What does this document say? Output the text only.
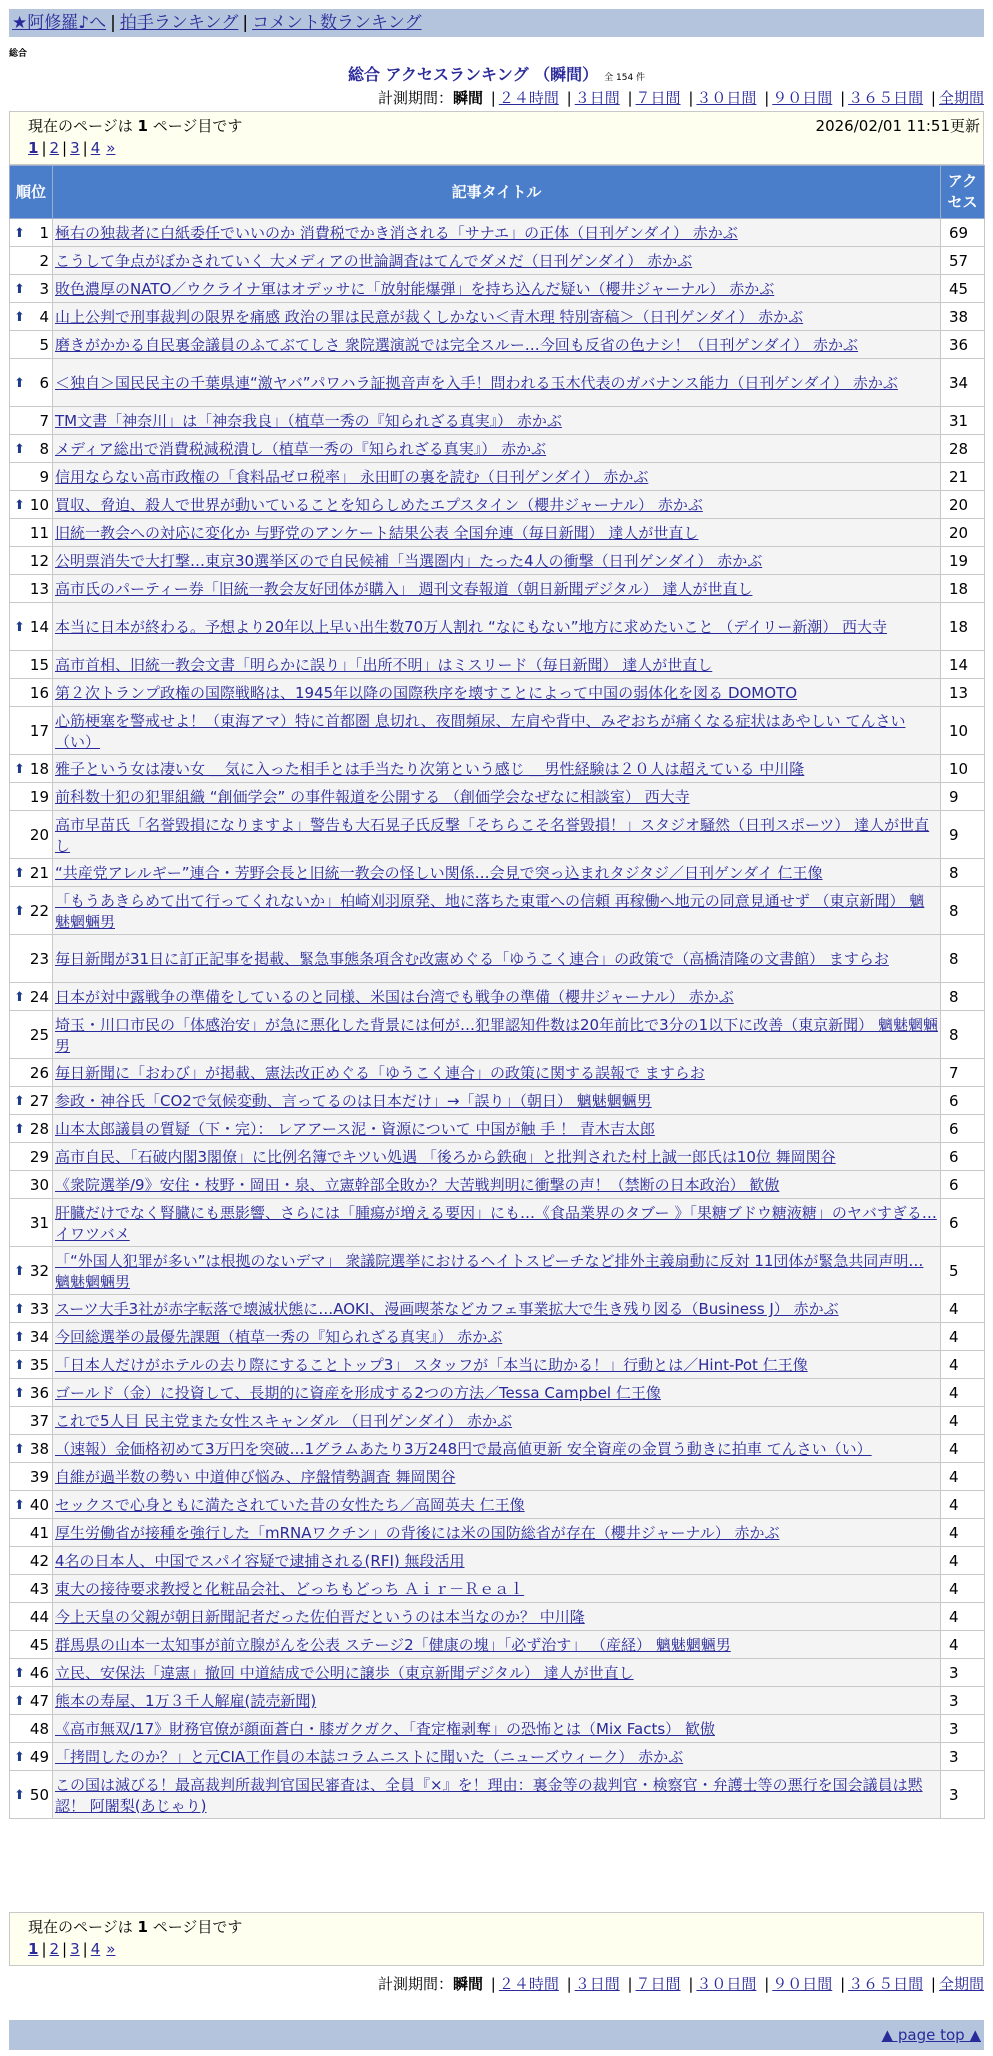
★阿修羅♪へ | 拍手ランキング | コメント数ランキング
総合
総合 アクセスランキング （瞬間） 全 154 件
計測期間：瞬間 | ２４時間 | ３日間 | ７日間 | ３０日間 | ９０日間 | ３６５日間 | 全期間
現在のページは 1 ページ目です	2026/02/01 11:51更新
1 | 2 | 3 | 4 »
順位	記事タイトル	アクセス

⬆ 1	極右の独裁者に白紙委任でいいのか 消費税でかき消される「サナエ」の正体（日刊ゲンダイ） 赤かぶ	69
2	こうして争点がぼかされていく 大メディアの世論調査はてんでダメだ（日刊ゲンダイ） 赤かぶ	57

⬆ 3	敗色濃厚のNATO／ウクライナ軍はオデッサに「放射能爆弾」を持ち込んだ疑い（櫻井ジャーナル） 赤かぶ	45

⬆ 4	山上公判で刑事裁判の限界を痛感 政治の罪は民意が裁くしかない＜青木理 特別寄稿＞（日刊ゲンダイ） 赤かぶ	38
5	磨きがかかる自民裏金議員のふてぶてしさ 衆院選演説では完全スルー…今回も反省の色ナシ！（日刊ゲンダイ） 赤かぶ	36

⬆ 6	＜独自＞国民民主の千葉県連“激ヤバ”パワハラ証拠音声を入手！問われる玉木代表のガバナンス能力（日刊ゲンダイ） 赤かぶ	34
7	TM文書「神奈川」は「神奈我良」（植草一秀の『知られざる真実』） 赤かぶ	31

⬆ 8	メディア総出で消費税減税潰し（植草一秀の『知られざる真実』） 赤かぶ	28
9	信用ならない高市政権の「食料品ゼロ税率」 永田町の裏を読む（日刊ゲンダイ） 赤かぶ	21

⬆ 10	買収、脅迫、殺人で世界が動いていることを知らしめたエプスタイン（櫻井ジャーナル） 赤かぶ	20
11	旧統一教会への対応に変化か 与野党のアンケート結果公表 全国弁連（毎日新聞） 達人が世直し	20
12	公明票消失で大打撃…東京30選挙区ので自民候補「当選圏内」たった4人の衝撃（日刊ゲンダイ） 赤かぶ	19
13	高市氏のパーティー券「旧統一教会友好団体が購入」 週刊文春報道（朝日新聞デジタル） 達人が世直し	18

⬆ 14	本当に日本が終わる。予想より20年以上早い出生数70万人割れ “なにもない”地方に求めたいこと （デイリー新潮） 西大寺	18
15	高市首相、旧統一教会文書「明らかに誤り」「出所不明」はミスリード（毎日新聞） 達人が世直し	14
16	第２次トランプ政権の国際戦略は、1945年以降の国際秩序を壊すことによって中国の弱体化を図る DOMOTO	13
17	心筋梗塞を警戒せよ！（東海アマ）特に首都圏 息切れ、夜間頻尿、左肩や背中、みぞおちが痛くなる症状はあやしい てんさい（い）	10

⬆ 18	雅子という女は凄い女 ＿気に入った相手とは手当たり次第という感じ ＿男性経験は２０人は超えている 中川隆	10
19	前科数十犯の犯罪組織 “創価学会” の事件報道を公開する （創価学会なぜなに相談室） 西大寺	9
20	高市早苗氏「名誉毀損になりますよ」警告も大石晃子氏反撃「そちらこそ名誉毀損！」スタジオ騒然（日刊スポーツ） 達人が世直し	9

⬆ 21	“共産党アレルギー”連合・芳野会長と旧統一教会の怪しい関係…会見で突っ込まれタジタジ／日刊ゲンダイ 仁王像	8

⬆ 22	「もうあきらめて出て行ってくれないか」柏崎刈羽原発、地に落ちた東電への信頼 再稼働へ地元の同意見通せず （東京新聞） 魑魅魍魎男	8
23	毎日新聞が31日に訂正記事を掲載、緊急事態条項含む改憲めぐる「ゆうこく連合」の政策で（高橋清隆の文書館） ますらお	8

⬆ 24	日本が対中露戦争の準備をしているのと同様、米国は台湾でも戦争の準備（櫻井ジャーナル） 赤かぶ	8
25	埼玉・川口市民の「体感治安」が急に悪化した背景には何が…犯罪認知件数は20年前比で3分の1以下に改善（東京新聞） 魑魅魍魎男	8
26	毎日新聞に「おわび」が掲載、憲法改正めぐる「ゆうこく連合」の政策に関する誤報で ますらお	7

⬆ 27	参政・神谷氏「CO2で気候変動、言ってるのは日本だけ」→「誤り」（朝日） 魑魅魍魎男	6

⬆ 28	山本太郎議員の質疑（下・完）： レアアース泥・資源について 中国が触 手 ！ 青木吉太郎	6
29	高市自民、「石破内閣3閣僚」に比例名簿でキツい処遇 「後ろから鉄砲」と批判された村上誠一郎氏は10位 舞岡関谷	6
30	《衆院選挙/9》安住・枝野・岡田・泉、立憲幹部全敗か？大苦戦判明に衝撃の声！（禁断の日本政治） 歓傲	6
31	肝臓だけでなく腎臓にも悪影響、さらには「腫瘍が増える要因」にも…《食品業界のタブー 》「果糖ブドウ糖液糖」のヤバすぎる… イワツバメ	6

⬆ 32	「“外国人犯罪が多い”は根拠のないデマ」 衆議院選挙におけるヘイトスピーチなど排外主義扇動に反対 11団体が緊急共同声明… 魑魅魍魎男	5

⬆ 33	スーツ大手3社が赤字転落で壊滅状態に…AOKI、漫画喫茶などカフェ事業拡大で生き残り図る（Business J） 赤かぶ	4

⬆ 34	今回総選挙の最優先課題（植草一秀の『知られざる真実』） 赤かぶ	4

⬆ 35	「日本人だけがホテルの去り際にすることトップ3」 スタッフが「本当に助かる！」行動とは／Hint-Pot 仁王像	4

⬆ 36	ゴールド（金）に投資して、長期的に資産を形成する2つの方法／Tessa Campbel 仁王像	4
37	これで5人目 民主党また女性スキャンダル （日刊ゲンダイ） 赤かぶ	4

⬆ 38	（速報）金価格初めて3万円を突破…1グラムあたり3万248円で最高値更新 安全資産の金買う動きに拍車 てんさい（い）	4
39	自維が過半数の勢い 中道伸び悩み、序盤情勢調査 舞岡関谷	4

⬆ 40	セックスで心身ともに満たされていた昔の女性たち／高岡英夫 仁王像	4
41	厚生労働省が接種を強行した「mRNAワクチン」の背後には米の国防総省が存在（櫻井ジャーナル） 赤かぶ	4
42	4名の日本人、中国でスパイ容疑で逮捕される(RFI) 無段活用	4
43	東大の接待要求教授と化粧品会社、どっちもどっち Ａｉｒ－Ｒｅａｌ	4
44	今上天皇の父親が朝日新聞記者だった佐伯晋だというのは本当なのか？ 中川隆	4
45	群馬県の山本一太知事が前立腺がんを公表 ステージ2「健康の塊」「必ず治す」 （産経） 魑魅魍魎男	4

⬆ 46	立民、安保法「違憲」撤回 中道結成で公明に譲歩（東京新聞デジタル） 達人が世直し	3

⬆ 47	熊本の寿屋、1万３千人解雇(読売新聞)	3
48	《高市無双/17》財務官僚が顔面蒼白・膝ガクガク、「査定権剥奪」の恐怖とは（Mix Facts） 歓傲	3

⬆ 49	「拷問したのか？」と元CIA工作員の本誌コラムニストに聞いた（ニューズウィーク） 赤かぶ	3

⬆ 50	この国は滅びる！最高裁判所裁判官国民審査は、全員『×』を！理由：裏金等の裁判官・検察官・弁護士等の悪行を国会議員は黙認！ 阿闍梨(あじゃり)	3
現在のページは 1 ページ目です
1 | 2 | 3 | 4 »
計測期間：瞬間 | ２４時間 | ３日間 | ７日間 | ３０日間 | ９０日間 | ３６５日間 | 全期間
▲ page top ▲
